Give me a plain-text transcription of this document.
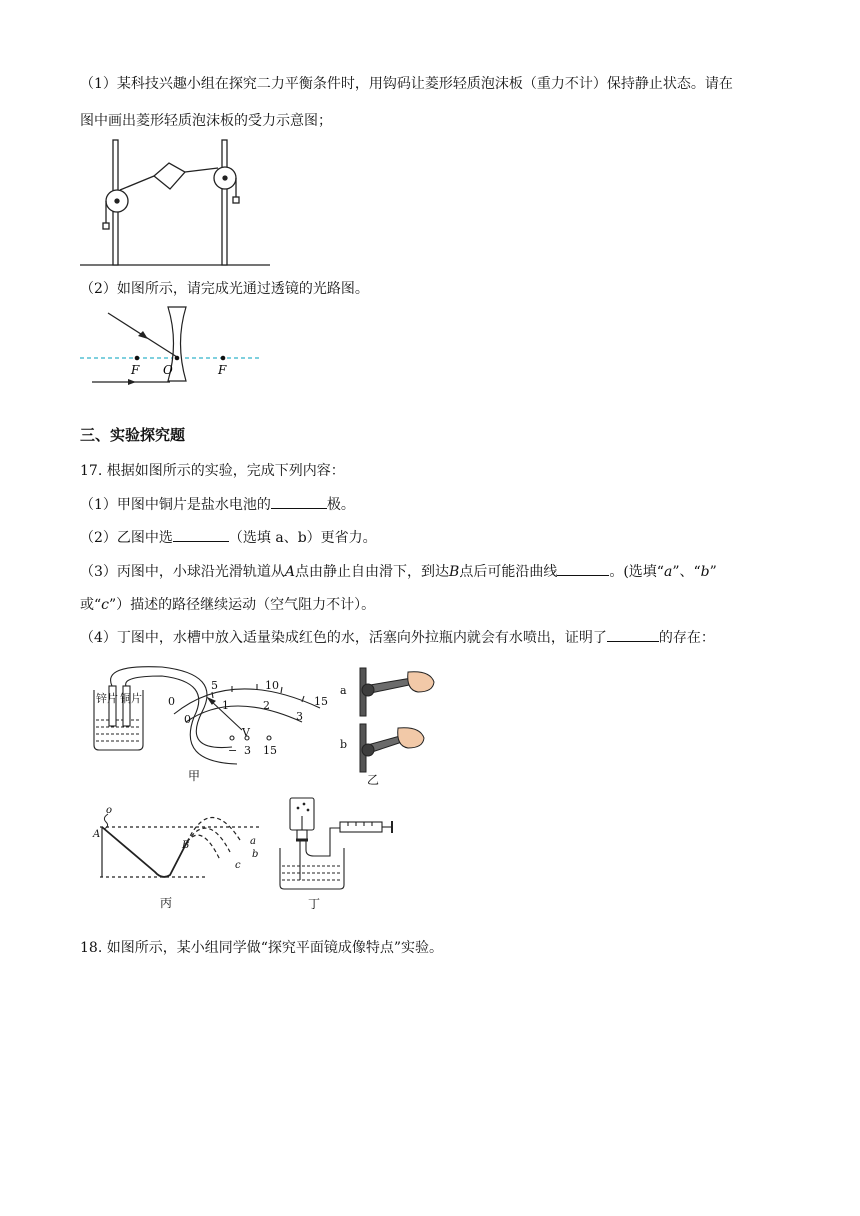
（1）某科技兴趣小组在探究二力平衡条件时，用钩码让菱形轻质泡沫板（重力不计）保持静止状态。请在
图中画出菱形轻质泡沫板的受力示意图；
（2）如图所示，请完成光通过透镜的光路图。
F O	F
三、实验探究题
17. 根据如图所示的实验，完成下列内容：
（1）甲图中铜片是盐水电池的	极。
（2）乙图中选	（选填 a、b）更省力。
（3）丙图中，小球沿光滑轨道从A点由静止自由滑下，到达B点后可能沿曲线	。(选填“a”、“b”
或“c”）描述的路径继续运动（空气阻力不计）。
（4）丁图中，水槽中放入适量染成红色的水，活塞向外拉瓶内就会有水喷出，证明了	的存在：
锌片 铜片
5	10
15
0
0
1	2
3
V
− 3 15
甲
a
b
乙
o
A
B	a
b
c
丙	丁
18. 如图所示，某小组同学做“探究平面镜成像特点”实验。
